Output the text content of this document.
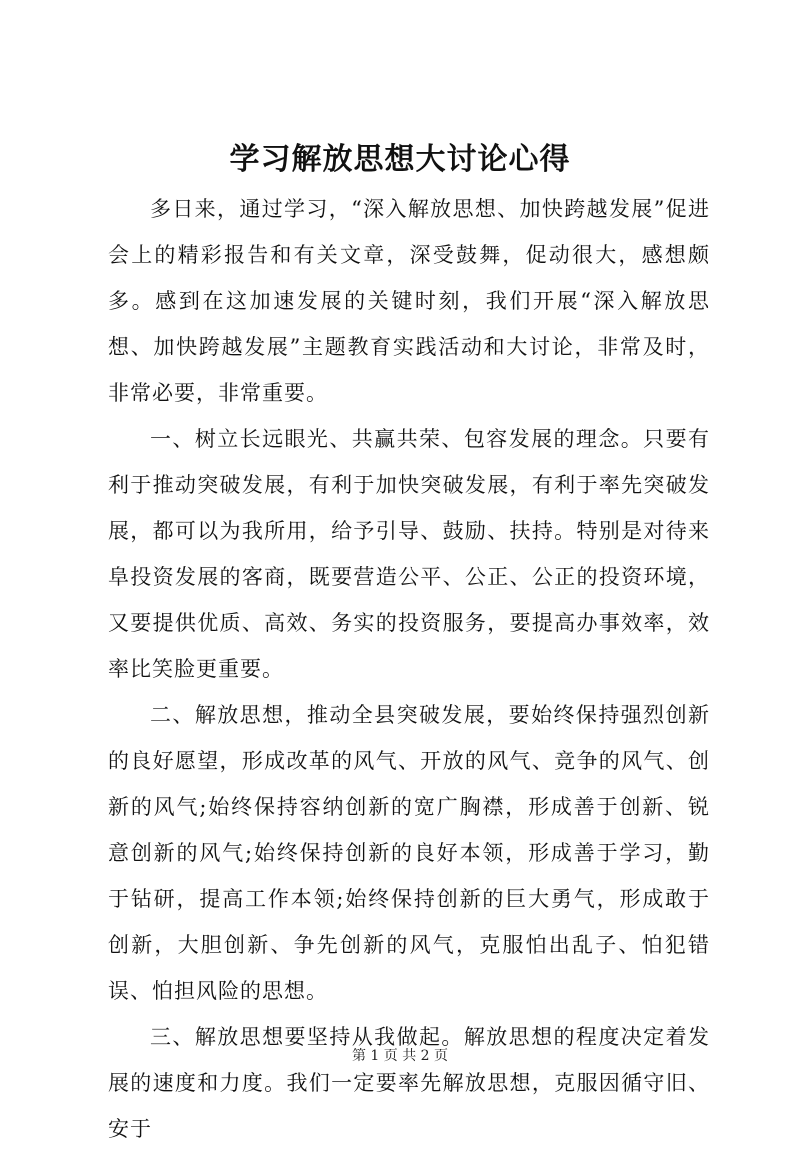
学习解放思想大讨论心得

多日来，通过学习，“深入解放思想、加快跨越发展”促进会上的精彩报告和有关文章，深受鼓舞，促动很大，感想颇多。感到在这加速发展的关键时刻，我们开展“深入解放思想、加快跨越发展”主题教育实践活动和大讨论，非常及时，非常必要，非常重要。

一、树立长远眼光、共赢共荣、包容发展的理念。只要有利于推动突破发展，有利于加快突破发展，有利于率先突破发展，都可以为我所用，给予引导、鼓励、扶持。特别是对待来阜投资发展的客商，既要营造公平、公正、公正的投资环境，又要提供优质、高效、务实的投资服务，要提高办事效率，效率比笑脸更重要。

二、解放思想，推动全县突破发展，要始终保持强烈创新的良好愿望，形成改革的风气、开放的风气、竞争的风气、创新的风气;始终保持容纳创新的宽广胸襟，形成善于创新、锐意创新的风气;始终保持创新的良好本领，形成善于学习，勤于钻研，提高工作本领;始终保持创新的巨大勇气，形成敢于创新，大胆创新、争先创新的风气，克服怕出乱子、怕犯错误、怕担风险的思想。

三、解放思想要坚持从我做起。解放思想的程度决定着发展的速度和力度。我们一定要率先解放思想，克服因循守旧、安于

第 1 页 共 2 页
